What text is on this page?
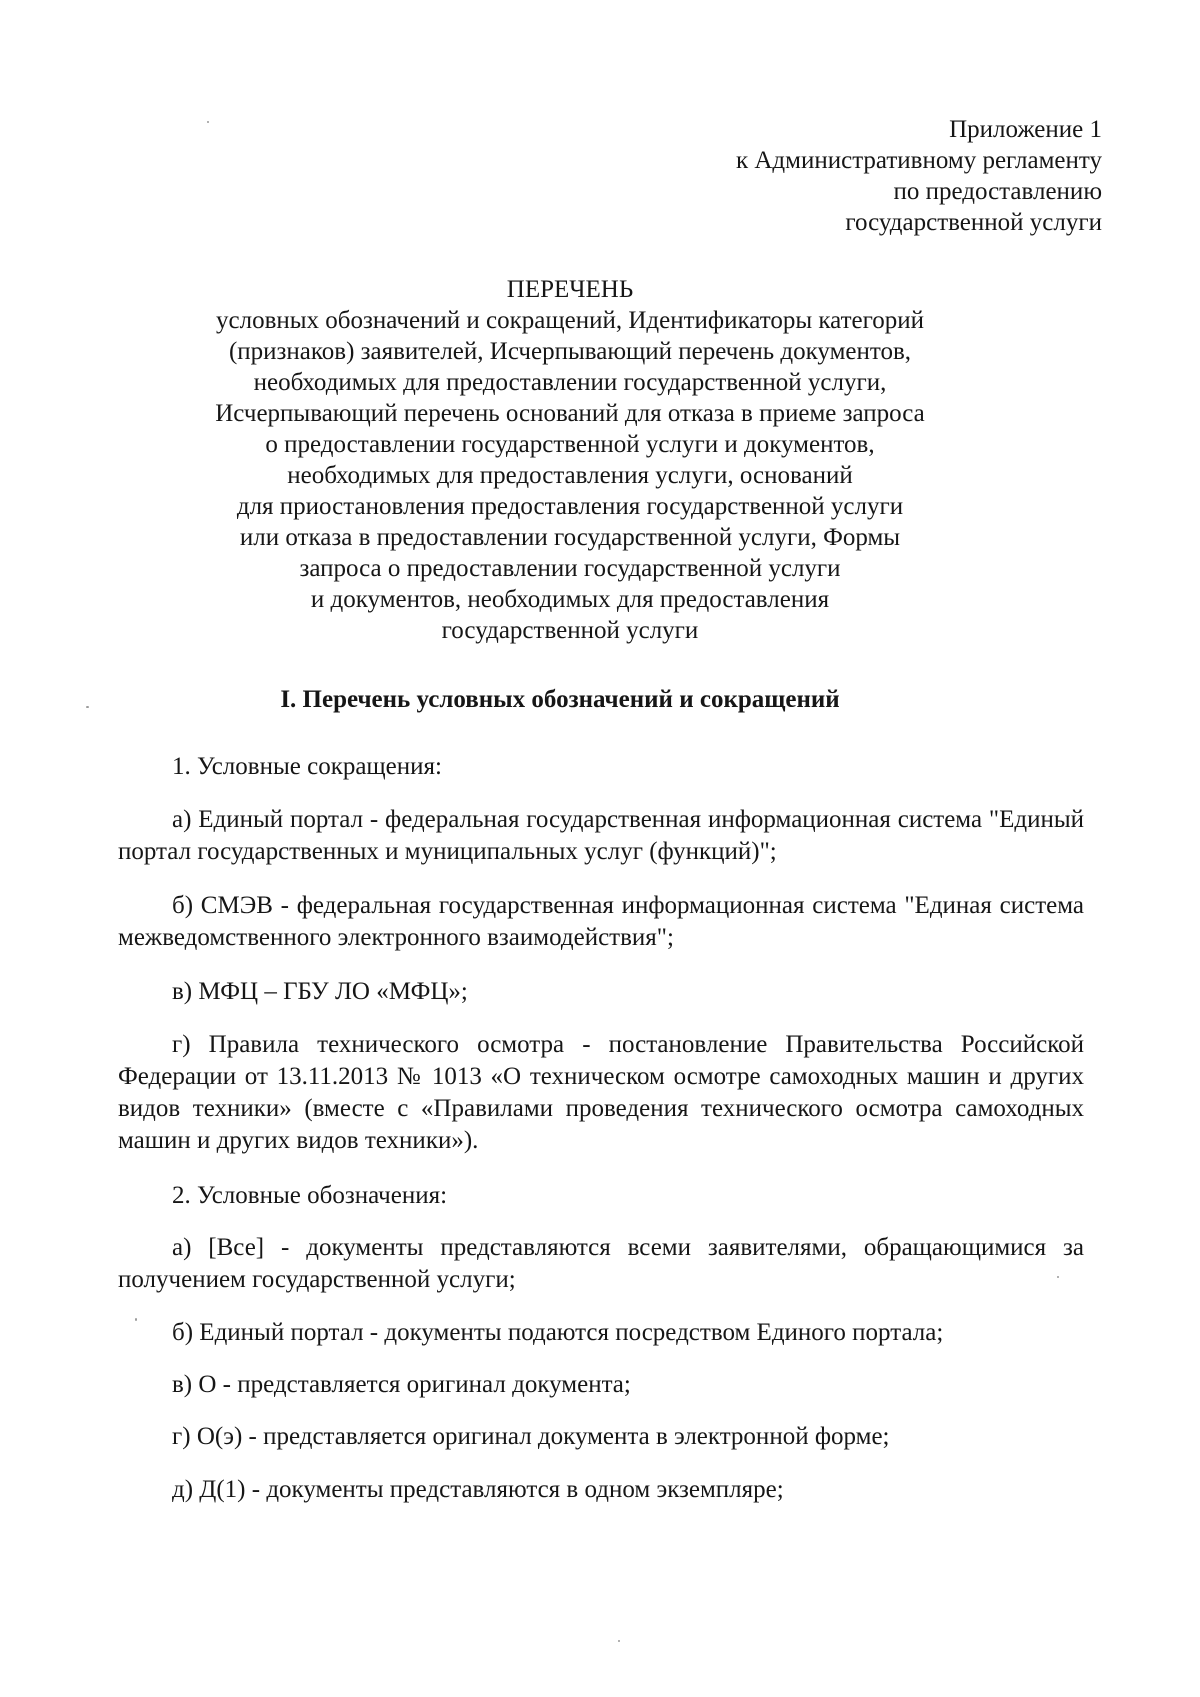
Приложение 1
к Административному регламенту
по предоставлению
государственной услуги
ПЕРЕЧЕНЬ
условных обозначений и сокращений, Идентификаторы категорий
(признаков) заявителей, Исчерпывающий перечень документов,
необходимых для предоставлении государственной услуги,
Исчерпывающий перечень оснований для отказа в приеме запроса
о предоставлении государственной услуги и документов,
необходимых для предоставления услуги, оснований
для приостановления предоставления государственной услуги
или отказа в предоставлении государственной услуги, Формы
запроса о предоставлении государственной услуги
и документов, необходимых для предоставления
государственной услуги
I. Перечень условных обозначений и сокращений
1. Условные сокращения:
а) Единый портал - федеральная государственная информационная система "Единый портал государственных и муниципальных услуг (функций)";
б) СМЭВ - федеральная государственная информационная система "Единая система межведомственного электронного взаимодействия";
в) МФЦ – ГБУ ЛО «МФЦ»;
г) Правила технического осмотра - постановление Правительства Российской Федерации от 13.11.2013 № 1013 «О техническом осмотре самоходных машин и других видов техники» (вместе с «Правилами проведения технического осмотра самоходных машин и других видов техники»).
2. Условные обозначения:
а) [Все] - документы представляются всеми заявителями, обращающимися за получением государственной услуги;
б) Единый портал - документы подаются посредством Единого портала;
в) О - представляется оригинал документа;
г) О(э) - представляется оригинал документа в электронной форме;
д) Д(1) - документы представляются в одном экземпляре;
